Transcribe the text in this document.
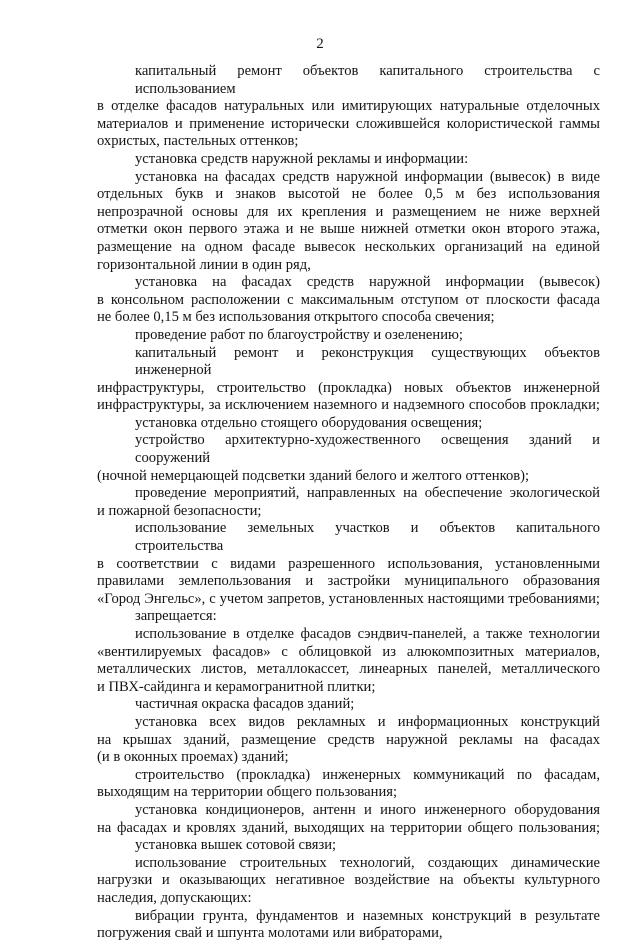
2
капитальный ремонт объектов капитального строительства с использованием
в отделке фасадов натуральных или имитирующих натуральные отделочных
материалов и применение исторически сложившейся колористической гаммы
охристых, пастельных оттенков;
установка средств наружной рекламы и информации:
установка на фасадах средств наружной информации (вывесок) в виде
отдельных букв и знаков высотой не более 0,5 м без использования
непрозрачной основы для их крепления и размещением не ниже верхней
отметки окон первого этажа и не выше нижней отметки окон второго этажа,
размещение на одном фасаде вывесок нескольких организаций на единой
горизонтальной линии в один ряд,
установка на фасадах средств наружной информации (вывесок)
в консольном расположении с максимальным отступом от плоскости фасада
не более 0,15 м без использования открытого способа свечения;
проведение работ по благоустройству и озеленению;
капитальный ремонт и реконструкция существующих объектов инженерной
инфраструктуры, строительство (прокладка) новых объектов инженерной
инфраструктуры, за исключением наземного и надземного способов прокладки;
установка отдельно стоящего оборудования освещения;
устройство архитектурно-художественного освещения зданий и сооружений
(ночной немерцающей подсветки зданий белого и желтого оттенков);
проведение мероприятий, направленных на обеспечение экологической
и пожарной безопасности;
использование земельных участков и объектов капитального строительства
в соответствии с видами разрешенного использования, установленными
правилами землепользования и застройки муниципального образования
«Город Энгельс», с учетом запретов, установленных настоящими требованиями;
запрещается:
использование в отделке фасадов сэндвич-панелей, а также технологии
«вентилируемых фасадов» с облицовкой из алюкомпозитных материалов,
металлических листов, металлокассет, линеарных панелей, металлического
и ПВХ-сайдинга и керамогранитной плитки;
частичная окраска фасадов зданий;
установка всех видов рекламных и информационных конструкций
на крышах зданий, размещение средств наружной рекламы на фасадах
(и в оконных проемах) зданий;
строительство (прокладка) инженерных коммуникаций по фасадам,
выходящим на территории общего пользования;
установка кондиционеров, антенн и иного инженерного оборудования
на фасадах и кровлях зданий, выходящих на территории общего пользования;
установка вышек сотовой связи;
использование строительных технологий, создающих динамические
нагрузки и оказывающих негативное воздействие на объекты культурного
наследия, допускающих:
вибрации грунта, фундаментов и наземных конструкций в результате
погружения свай и шпунта молотами или вибраторами,
